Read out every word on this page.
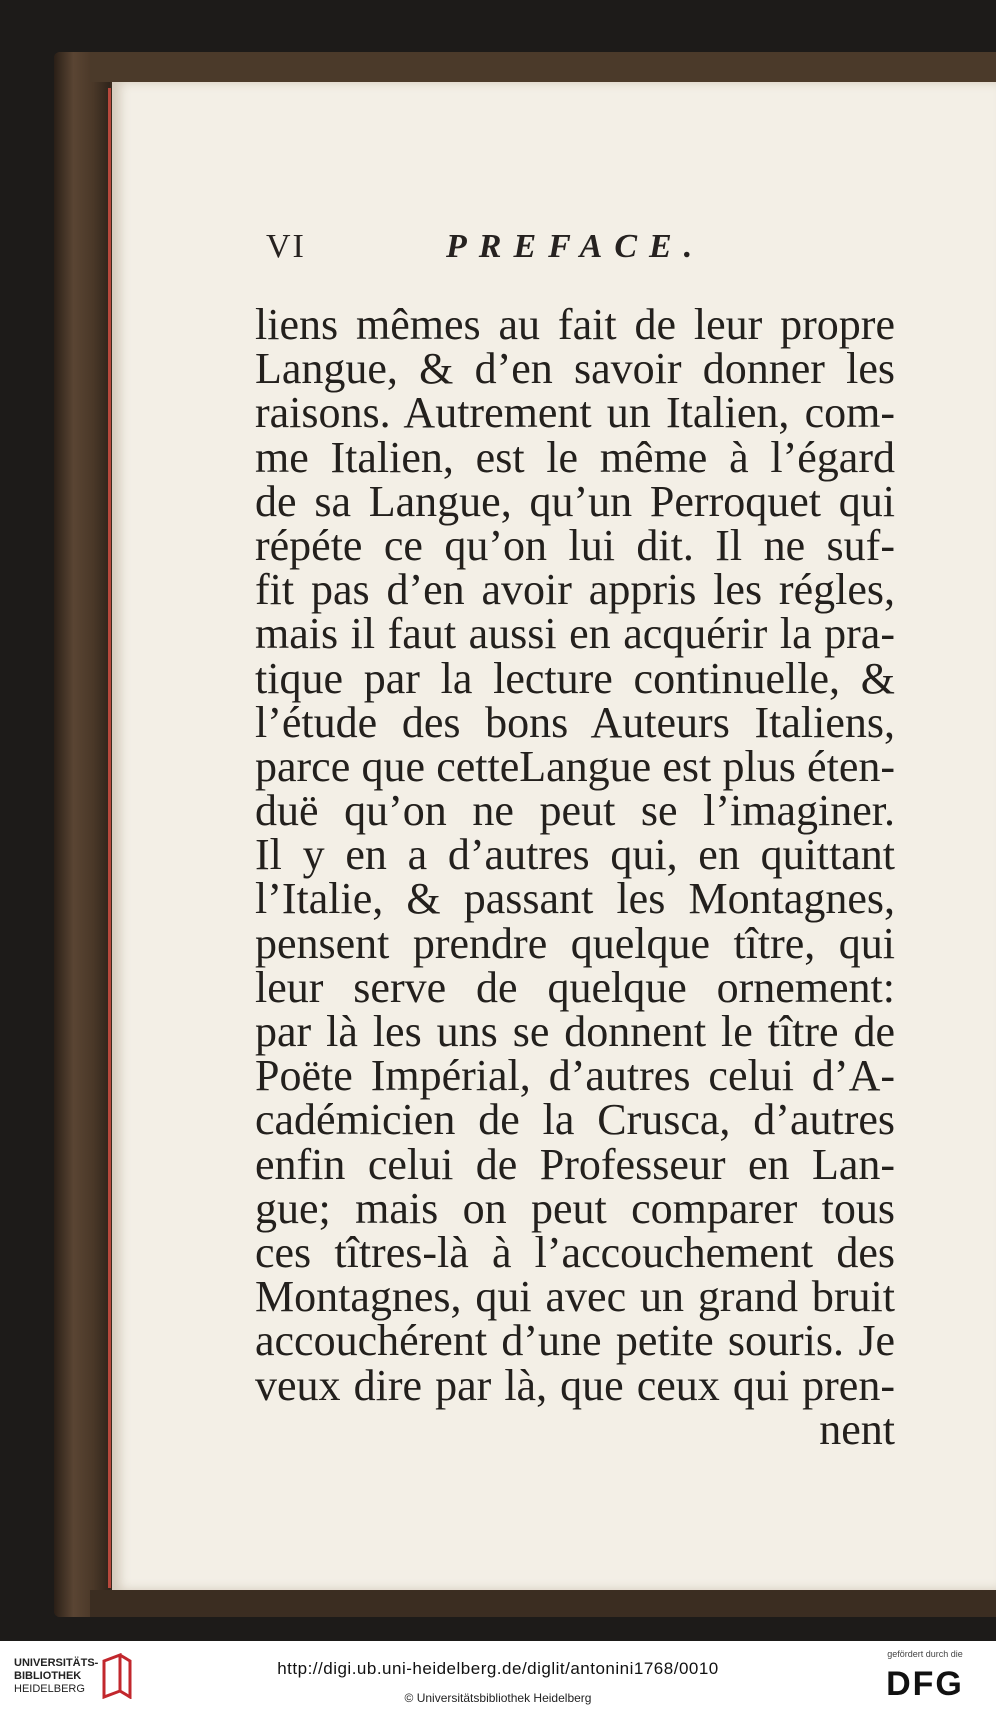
VI	PREFACE.
liens mêmes au fait de leur propre
Langue, & d’en savoir donner les
raisons. Autrement un Italien, com-
me Italien, est le même à l’égard
de sa Langue, qu’un Perroquet qui
répéte ce qu’on lui dit. Il ne suf-
fit pas d’en avoir appris les régles,
mais il faut aussi en acquérir la pra-
tique par la lecture continuelle, &
l’étude des bons Auteurs Italiens,
parce que cetteLangue est plus éten-
duë qu’on ne peut se l’imaginer.
Il y en a d’autres qui, en quittant
l’Italie, & passant les Montagnes,
pensent prendre quelque tître, qui
leur serve de quelque ornement:
par là les uns se donnent le tître de
Poëte Impérial, d’autres celui d’A-
cadémicien de la Crusca, d’autres
enfin celui de Professeur en Lan-
gue; mais on peut comparer tous
ces tîtres-là à l’accouchement des
Montagnes, qui avec un grand bruit
accouchérent d’une petite souris. Je
veux dire par là, que ceux qui pren-
nent
UNIVERSITÄTS-
BIBLIOTHEK
HEIDELBERG
http://digi.ub.uni-heidelberg.de/diglit/antonini1768/0010
© Universitätsbibliothek Heidelberg
gefördert durch die
DFG
